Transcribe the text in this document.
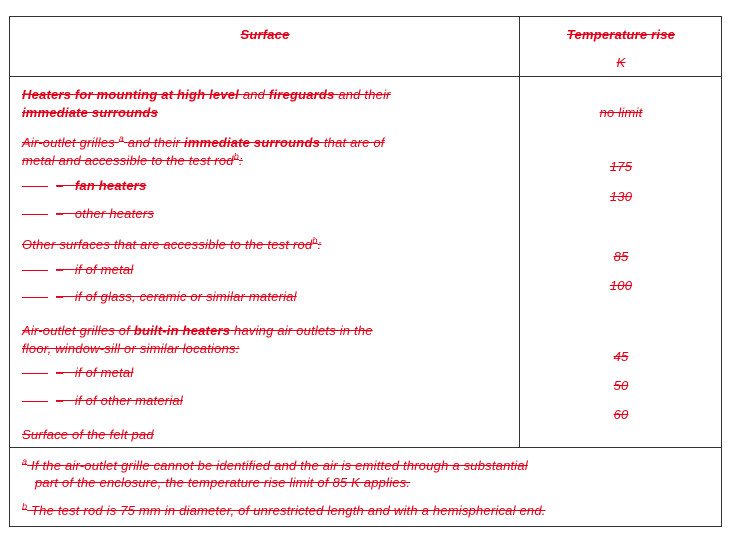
Surface	Temperature rise
K
Heaters for mounting at high level and fireguards and their
immediate surrounds	no limit
Air-outlet grilles $^a$ and their immediate surrounds that are of
metal and accessible to the test rod$^b$:
– fan heaters
– other heaters
175
130
Other surfaces that are accessible to the test rod$^b$:
– if of metal
– if of glass, ceramic or similar material
85
100
Air-outlet grilles of built-in heaters having air outlets in the
floor, window-sill or similar locations:
– if of metal
– if of other material
Surface of the felt pad
45
50
60
$^a$ If the air-outlet grille cannot be identified and the air is emitted through a substantial
part of the enclosure, the temperature rise limit of 85 K applies.
$^b$ The test rod is 75 mm in diameter, of unrestricted length and with a hemispherical end.
